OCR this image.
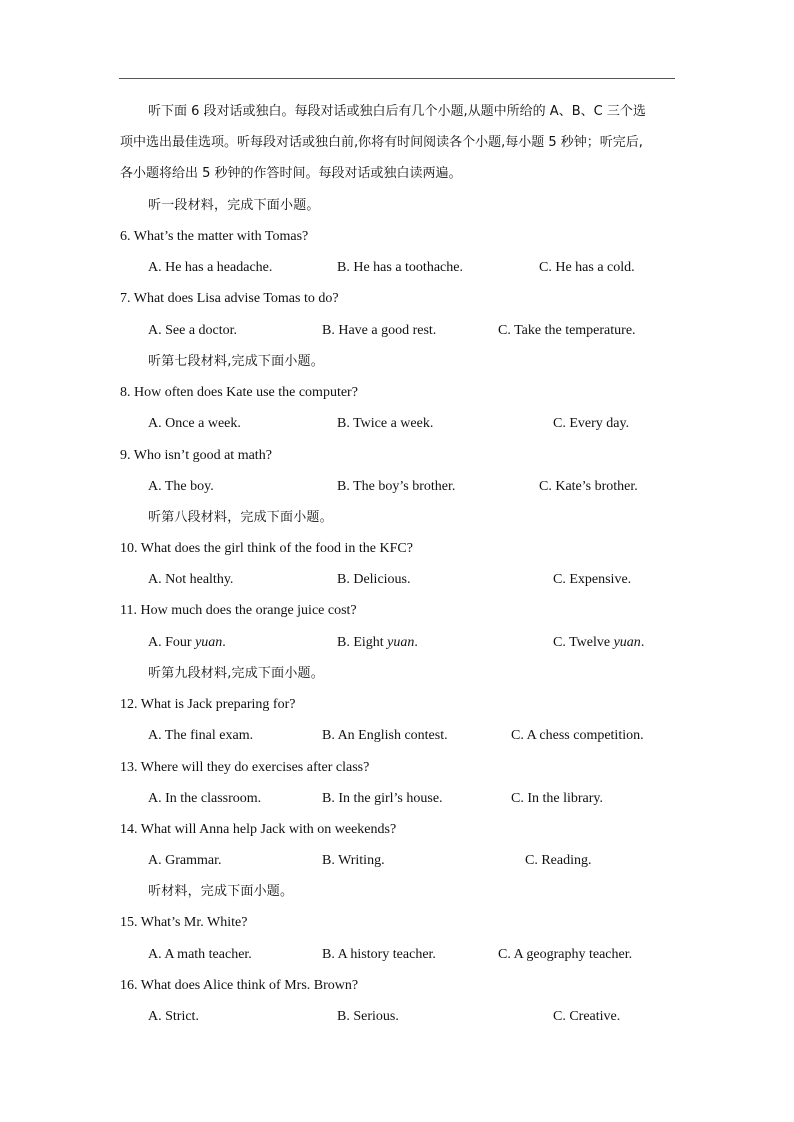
听下面 6 段对话或独白。每段对话或独白后有几个小题,从题中所给的 A、B、C 三个选
项中选出最佳选项。听每段对话或独白前,你将有时间阅读各个小题,每小题 5 秒钟；听完后,
各小题将给出 5 秒钟的作答时间。每段对话或独白读两遍。
听一段材料，完成下面小题。
6. What’s the matter with Tomas?
A. He has a headache.	B. He has a toothache.	C. He has a cold.
7. What does Lisa advise Tomas to do?
A. See a doctor.	B. Have a good rest.	C. Take the temperature.
听第七段材料,完成下面小题。
8. How often does Kate use the computer?
A. Once a week.	B. Twice a week.	C. Every day.
9. Who isn’t good at math?
A. The boy.	B. The boy’s brother.	C. Kate’s brother.
听第八段材料，完成下面小题。
10. What does the girl think of the food in the KFC?
A. Not healthy.	B. Delicious.	C. Expensive.
11. How much does the orange juice cost?
A. Four yuan.	B. Eight yuan.	C. Twelve yuan.
听第九段材料,完成下面小题。
12. What is Jack preparing for?
A. The final exam.	B. An English contest.	C. A chess competition.
13. Where will they do exercises after class?
A. In the classroom.	B. In the girl’s house.	C. In the library.
14. What will Anna help Jack with on weekends?
A. Grammar.	B. Writing.	C. Reading.
听材料，完成下面小题。
15. What’s Mr. White?
A. A math teacher.	B. A history teacher.	C. A geography teacher.
16. What does Alice think of Mrs. Brown?
A. Strict.	B. Serious.	C. Creative.
